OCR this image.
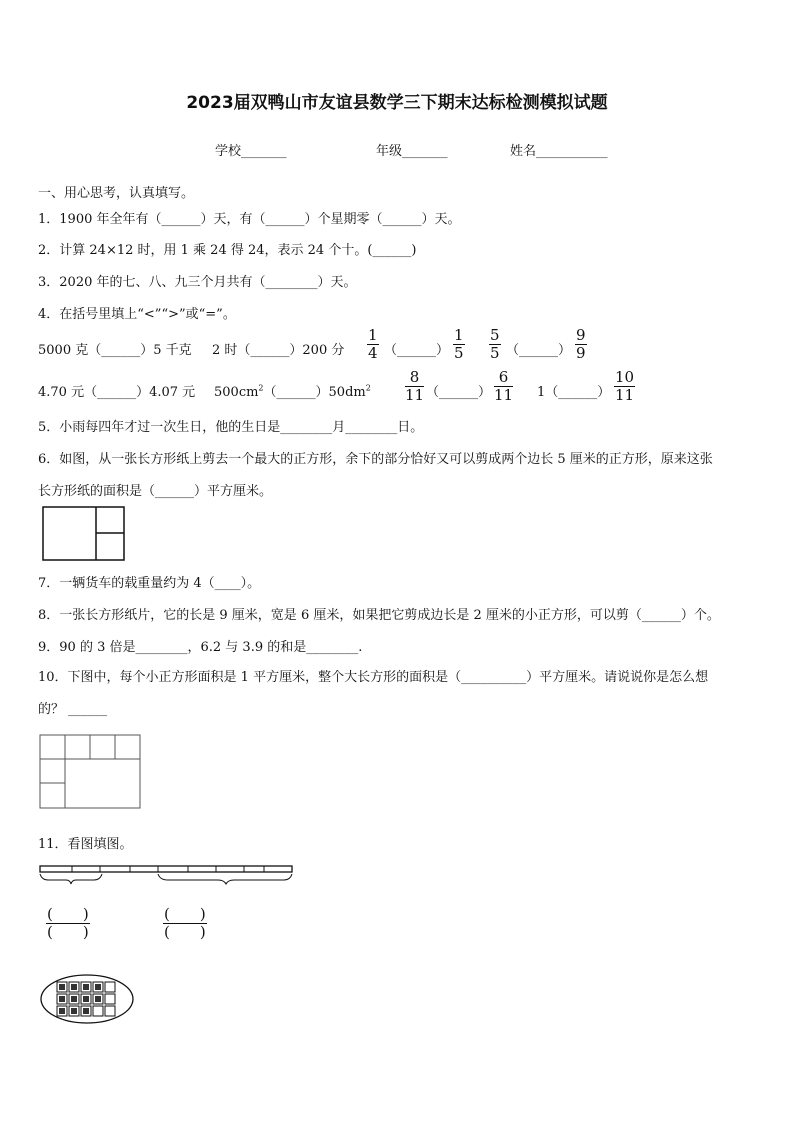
2023届双鸭山市友谊县数学三下期末达标检测模拟试题
学校_______	年级_______	姓名___________
一、用心思考，认真填写。
1．1900 年全年有（______）天，有（______）个星期零（______）天。
2．计算 24×12 时，用 1 乘 24 得 24，表示 24 个十。(______)
3．2020 年的七、八、九三个月共有（________）天。
4．在括号里填上“<”“>”或“=”。
5000 克（______）5 千克 2 时（______）200 分 $\frac{1}{4}$ （______） $\frac{1}{5} \frac{5}{5}$ （______） $\frac{9}{9}$
4.70 元（______）4.07 元 $500cm^2(\_\_\_\_\_\_)50dm^2 \frac{8}{11}$ （______） $\frac{6}{11}$ 1（______） $\frac{10}{11}$
5．小雨每四年才过一次生日，他的生日是________月________日。
6．如图，从一张长方形纸上剪去一个最大的正方形，余下的部分恰好又可以剪成两个边长 5 厘米的正方形，原来这张
长方形纸的面积是（______）平方厘米。
7．一辆货车的载重量约为 4（____）。
8．一张长方形纸片，它的长是 9 厘米，宽是 6 厘米，如果把它剪成边长是 2 厘米的小正方形，可以剪（______）个。
9．90 的 3 倍是________，6.2 与 3.9 的和是________.
10．下图中，每个小正方形面积是 1 平方厘米，整个大长方形的面积是（__________）平方厘米。请说说你是怎么想
的？ ______
11．看图填图。
(　　)
(　　)
(　　)
(　　)
